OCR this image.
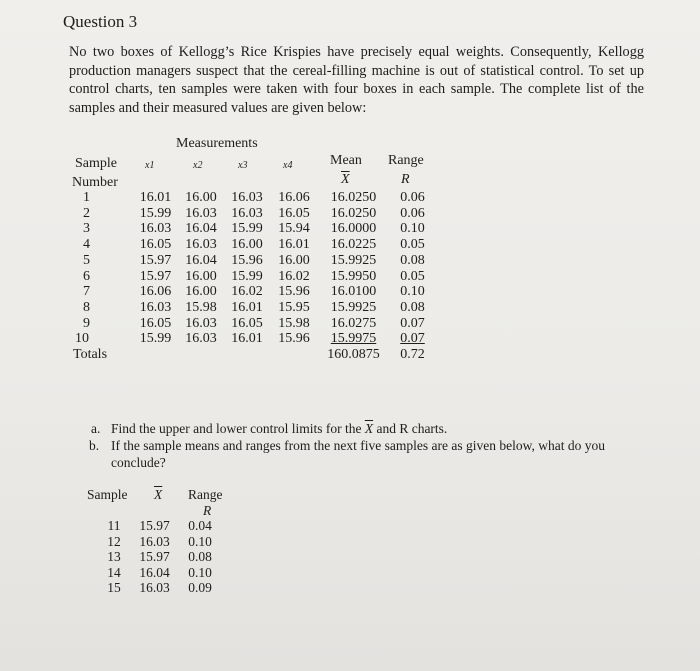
Question 3
No two boxes of Kellogg’s Rice Krispies have precisely equal weights. Consequently, Kellogg production managers suspect that the cereal-filling machine is out of statistical control. To set up control charts, ten samples were taken with four boxes in each sample. The complete list of the samples and their measured values are given below:
Measurements
Sample
Number
x1	x2	x3	x4	Mean
$\overline{X}$
Range
R
1	16.01	16.00	16.03	16.06	16.0250	0.06
2	15.99	16.03	16.03	16.05	16.0250	0.06
3	16.03	16.04	15.99	15.94	16.0000	0.10
4	16.05	16.03	16.00	16.01	16.0225	0.05
5	15.97	16.04	15.96	16.00	15.9925	0.08
6	15.97	16.00	15.99	16.02	15.9950	0.05
7	16.06	16.00	16.02	15.96	16.0100	0.10
8	16.03	15.98	16.01	15.95	15.9925	0.08
9	16.05	16.03	16.05	15.98	16.0275	0.07
10	15.99	16.03	16.01	15.96	15.9975	0.07
Totals					160.0875	0.72
a. Find the upper and lower control limits for the $\overline{X}$ and R charts.
b. If the sample means and ranges from the next five samples are as given below, what do you conclude?
Sample $\overline{X}$ Range
R
11	15.97	0.04
12	16.03	0.10
13	15.97	0.08
14	16.04	0.10
15	16.03	0.09
